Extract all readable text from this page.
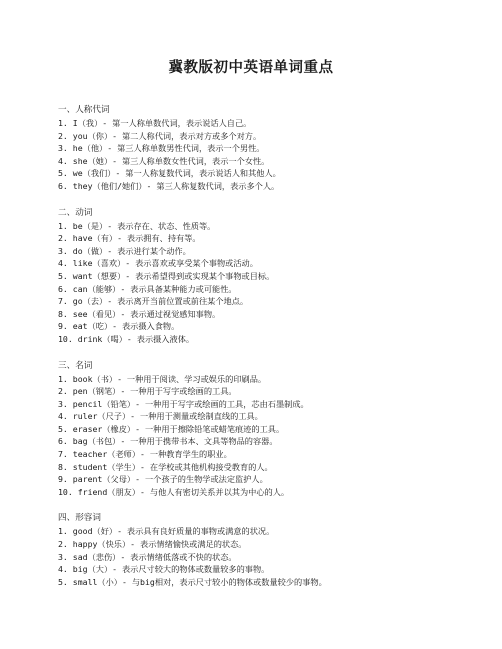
冀教版初中英语单词重点
一、人称代词
1. I（我）- 第一人称单数代词，表示说话人自己。
2. you（你）- 第二人称代词，表示对方或多个对方。
3. he（他）- 第三人称单数男性代词，表示一个男性。
4. she（她）- 第三人称单数女性代词，表示一个女性。
5. we（我们）- 第一人称复数代词，表示说话人和其他人。
6. they（他们/她们）- 第三人称复数代词，表示多个人。
二、动词
1. be（是）- 表示存在、状态、性质等。
2. have（有）- 表示拥有、持有等。
3. do（做）- 表示进行某个动作。
4. like（喜欢）- 表示喜欢或享受某个事物或活动。
5. want（想要）- 表示希望得到或实现某个事物或目标。
6. can（能够）- 表示具备某种能力或可能性。
7. go（去）- 表示离开当前位置或前往某个地点。
8. see（看见）- 表示通过视觉感知事物。
9. eat（吃）- 表示摄入食物。
10. drink（喝）- 表示摄入液体。
三、名词
1. book（书）- 一种用于阅读、学习或娱乐的印刷品。
2. pen（钢笔）- 一种用于写字或绘画的工具。
3. pencil（铅笔）- 一种用于写字或绘画的工具，芯由石墨制成。
4. ruler（尺子）- 一种用于测量或绘制直线的工具。
5. eraser（橡皮）- 一种用于擦除铅笔或蜡笔痕迹的工具。
6. bag（书包）- 一种用于携带书本、文具等物品的容器。
7. teacher（老师）- 一种教育学生的职业。
8. student（学生）- 在学校或其他机构接受教育的人。
9. parent（父母）- 一个孩子的生物学或法定监护人。
10. friend（朋友）- 与他人有密切关系并以其为中心的人。
四、形容词
1. good（好）- 表示具有良好质量的事物或满意的状况。
2. happy（快乐）- 表示情绪愉快或满足的状态。
3. sad（悲伤）- 表示情绪低落或不快的状态。
4. big（大）- 表示尺寸较大的物体或数量较多的事物。
5. small（小）- 与big相对，表示尺寸较小的物体或数量较少的事物。
